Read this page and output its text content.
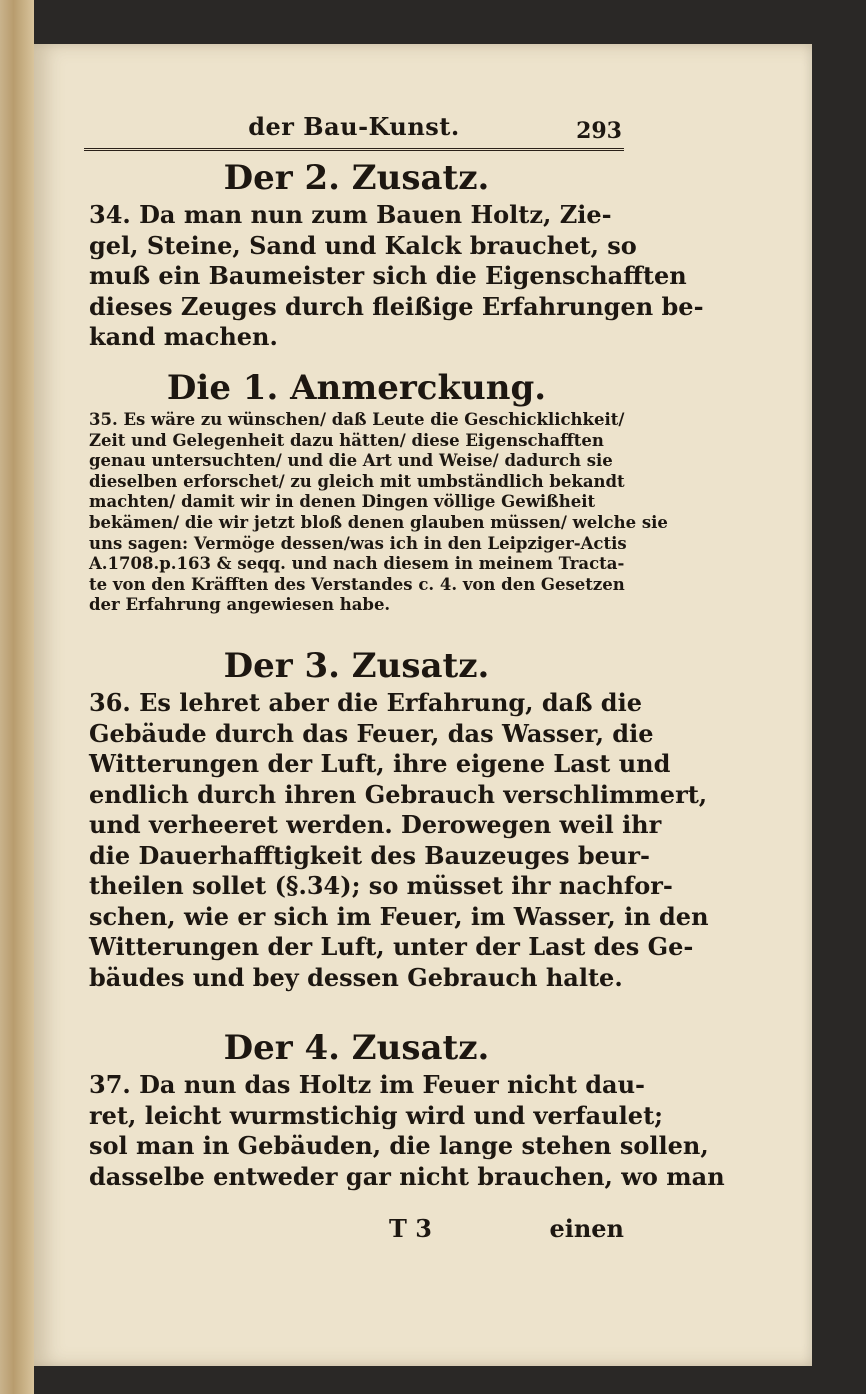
der Bau-Kunst.	293
Der 2. Zusatz.
34. Da man nun zum Bauen Holtz, Zie-
gel, Steine, Sand und Kalck brauchet, so
muß ein Baumeister sich die Eigenschafften
dieses Zeuges durch fleißige Erfahrungen be-
kand machen.
Die 1. Anmerckung.
35. Es wäre zu wünschen/ daß Leute die Geschicklichkeit/
Zeit und Gelegenheit dazu hätten/ diese Eigenschafften
genau untersuchten/ und die Art und Weise/ dadurch sie
dieselben erforschet/ zu gleich mit umbständlich bekandt
machten/ damit wir in denen Dingen völlige Gewißheit
bekämen/ die wir jetzt bloß denen glauben müssen/ welche sie
uns sagen: Vermöge dessen/was ich in den Leipziger-Actis
A.1708.p.163 & seqq. und nach diesem in meinem Tracta-
te von den Kräfften des Verstandes c. 4. von den Gesetzen
der Erfahrung angewiesen habe.
Der 3. Zusatz.
36. Es lehret aber die Erfahrung, daß die
Gebäude durch das Feuer, das Wasser, die
Witterungen der Luft, ihre eigene Last und
endlich durch ihren Gebrauch verschlimmert,
und verheeret werden. Derowegen weil ihr
die Dauerhafftigkeit des Bauzeuges beur-
theilen sollet (§.34); so müsset ihr nachfor-
schen, wie er sich im Feuer, im Wasser, in den
Witterungen der Luft, unter der Last des Ge-
bäudes und bey dessen Gebrauch halte.
Der 4. Zusatz.
37. Da nun das Holtz im Feuer nicht dau-
ret, leicht wurmstichig wird und verfaulet;
sol man in Gebäuden, die lange stehen sollen,
dasselbe entweder gar nicht brauchen, wo man
T 3	einen
